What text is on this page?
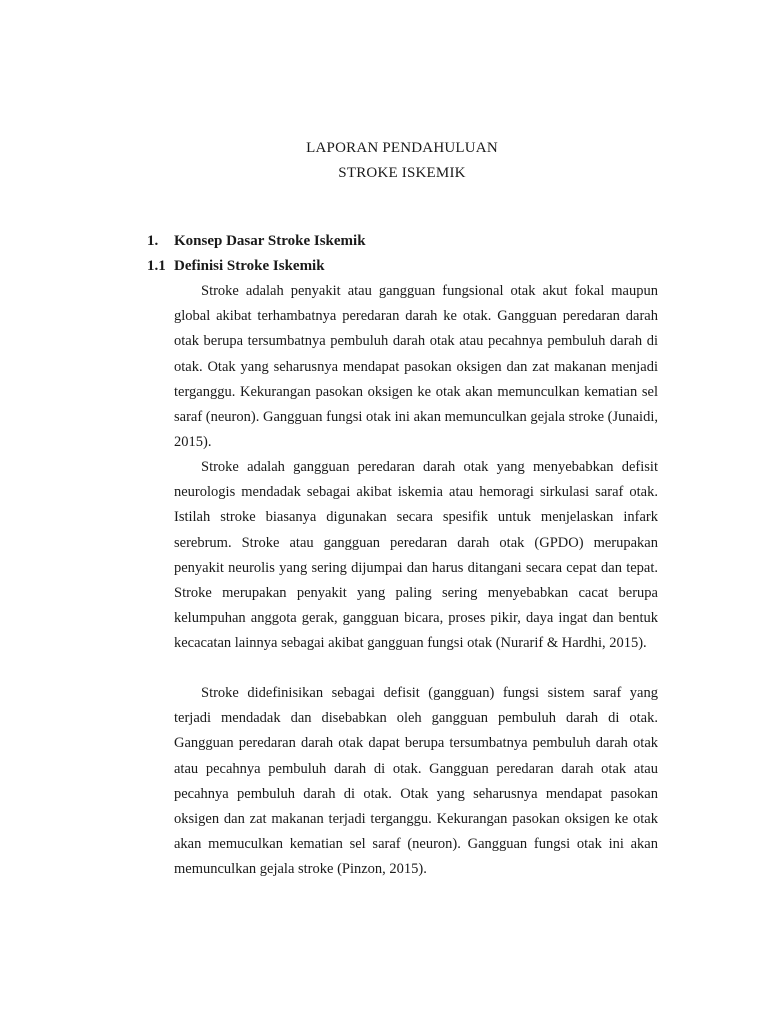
LAPORAN PENDAHULUAN
STROKE ISKEMIK
1. Konsep Dasar Stroke Iskemik
1.1 Definisi Stroke Iskemik

Stroke adalah penyakit atau gangguan fungsional otak akut fokal maupun global akibat terhambatnya peredaran darah ke otak. Gangguan peredaran darah otak berupa tersumbatnya pembuluh darah otak atau pecahnya pembuluh darah di otak. Otak yang seharusnya mendapat pasokan oksigen dan zat makanan menjadi terganggu. Kekurangan pasokan oksigen ke otak akan memunculkan kematian sel saraf (neuron). Gangguan fungsi otak ini akan memunculkan gejala stroke (Junaidi, 2015).

Stroke adalah gangguan peredaran darah otak yang menyebabkan defisit neurologis mendadak sebagai akibat iskemia atau hemoragi sirkulasi saraf otak. Istilah stroke biasanya digunakan secara spesifik untuk menjelaskan infark serebrum. Stroke atau gangguan peredaran darah otak (GPDO) merupakan penyakit neurolis yang sering dijumpai dan harus ditangani secara cepat dan tepat. Stroke merupakan penyakit yang paling sering menyebabkan cacat berupa kelumpuhan anggota gerak, gangguan bicara, proses pikir, daya ingat dan bentuk kecacatan lainnya sebagai akibat gangguan fungsi otak (Nurarif & Hardhi, 2015).

Stroke didefinisikan sebagai defisit (gangguan) fungsi sistem saraf yang terjadi mendadak dan disebabkan oleh gangguan pembuluh darah di otak. Gangguan peredaran darah otak dapat berupa tersumbatnya pembuluh darah otak atau pecahnya pembuluh darah di otak. Gangguan peredaran darah otak atau pecahnya pembuluh darah di otak. Otak yang seharusnya mendapat pasokan oksigen dan zat makanan terjadi terganggu. Kekurangan pasokan oksigen ke otak akan memuculkan kematian sel saraf (neuron). Gangguan fungsi otak ini akan memunculkan gejala stroke (Pinzon, 2015).
